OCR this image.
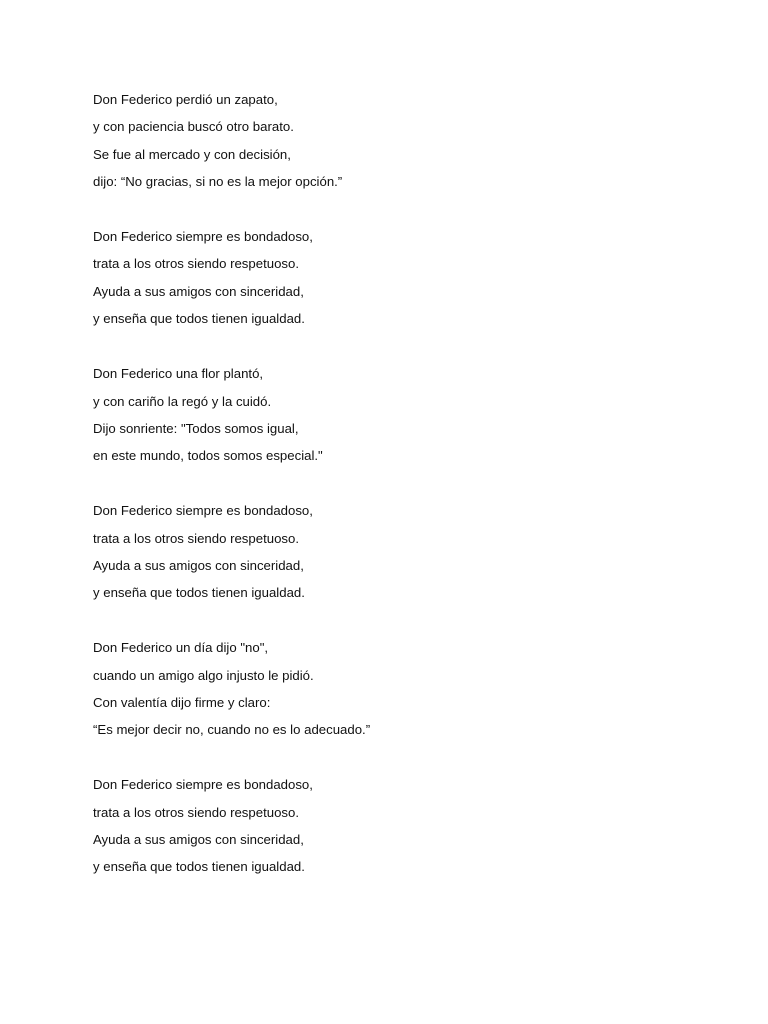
Don Federico perdió un zapato,
y con paciencia buscó otro barato.
Se fue al mercado y con decisión,
dijo: “No gracias, si no es la mejor opción.”
Don Federico siempre es bondadoso,
trata a los otros siendo respetuoso.
Ayuda a sus amigos con sinceridad,
y enseña que todos tienen igualdad.
Don Federico una flor plantó,
y con cariño la regó y la cuidó.
Dijo sonriente: "Todos somos igual,
en este mundo, todos somos especial."
Don Federico siempre es bondadoso,
trata a los otros siendo respetuoso.
Ayuda a sus amigos con sinceridad,
y enseña que todos tienen igualdad.
Don Federico un día dijo "no",
cuando un amigo algo injusto le pidió.
Con valentía dijo firme y claro:
“Es mejor decir no, cuando no es lo adecuado.”
Don Federico siempre es bondadoso,
trata a los otros siendo respetuoso.
Ayuda a sus amigos con sinceridad,
y enseña que todos tienen igualdad.
